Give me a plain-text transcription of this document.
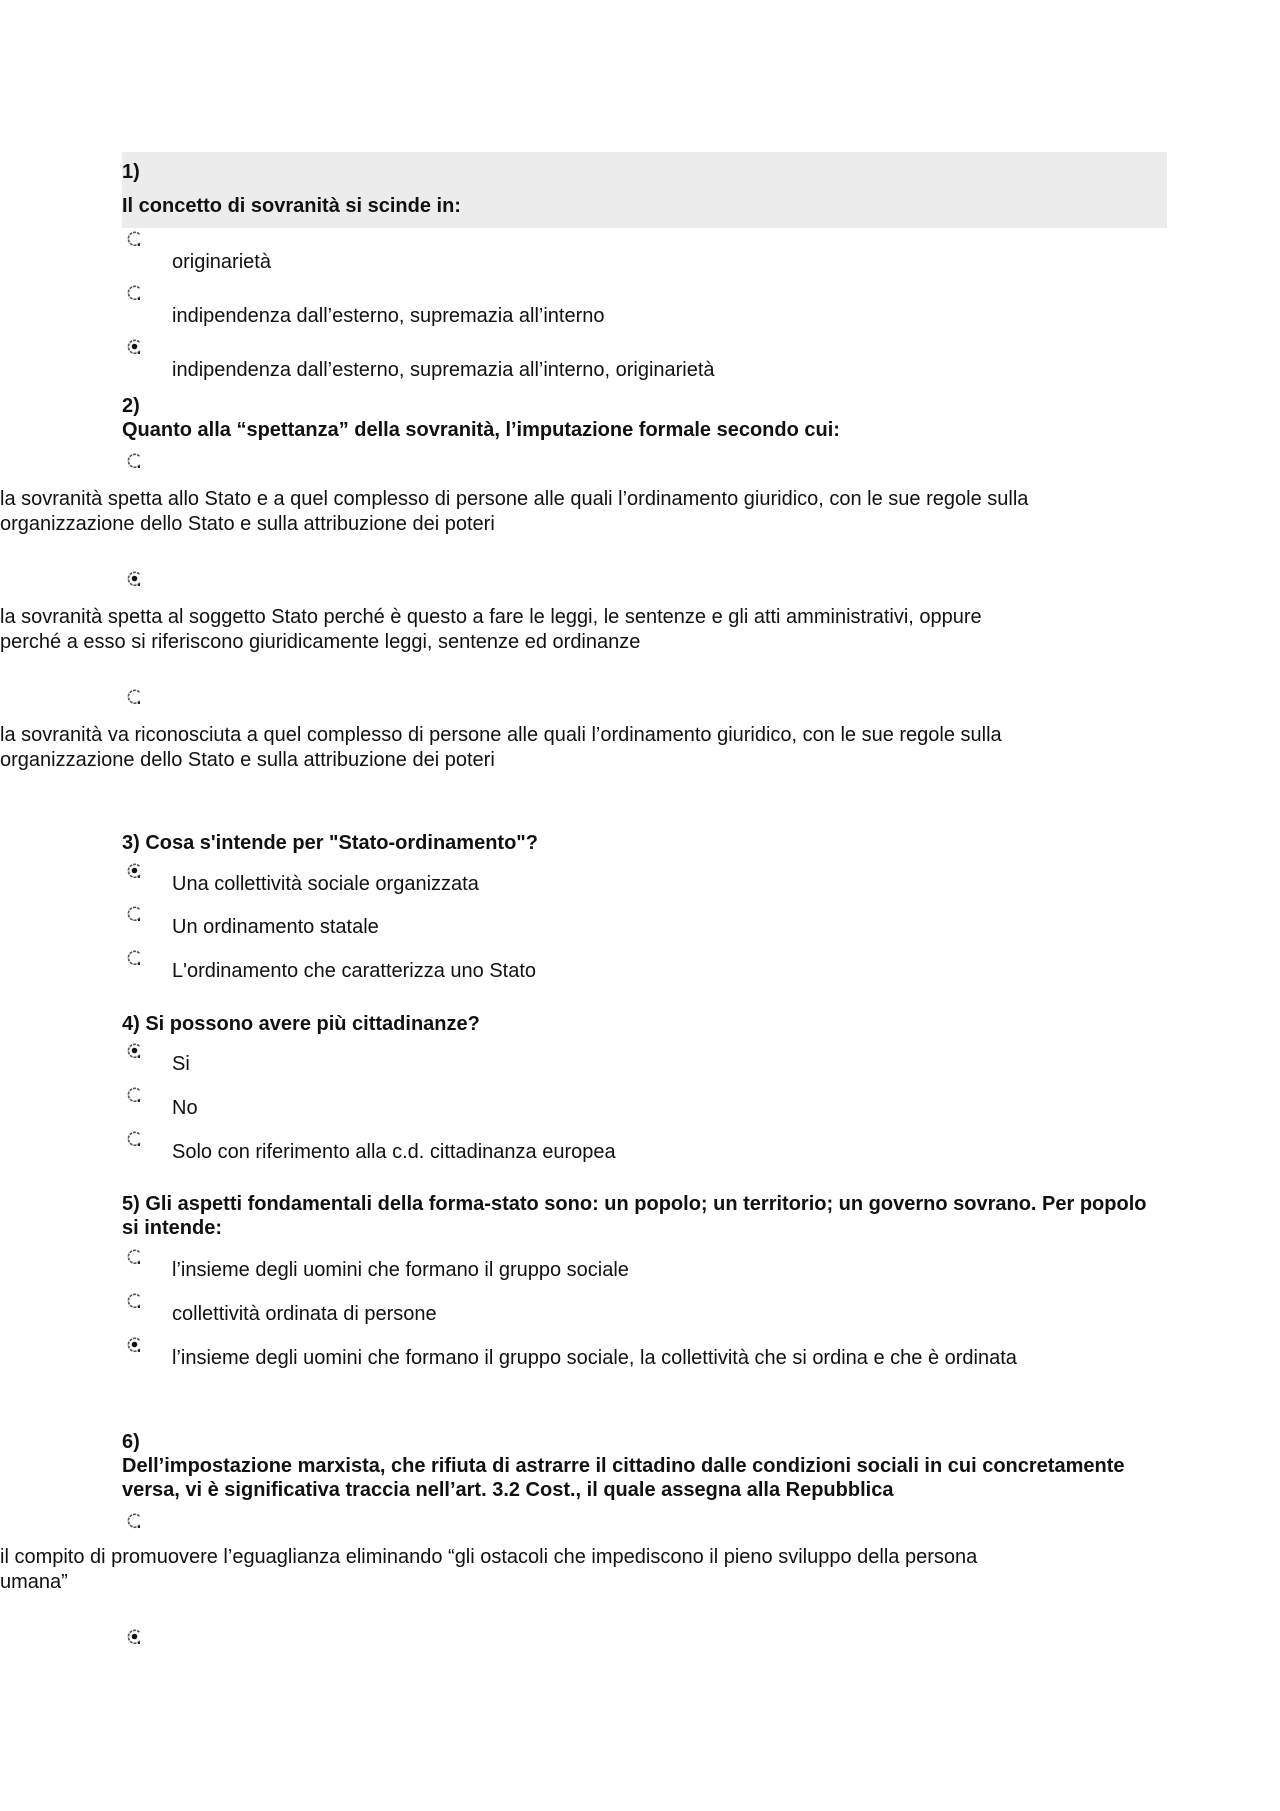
1)
Il concetto di sovranità si scinde in:
originarietà
indipendenza dall’esterno, supremazia all’interno
indipendenza dall’esterno, supremazia all’interno, originarietà
2)
Quanto alla “spettanza” della sovranità, l’imputazione formale secondo cui:
la sovranità spetta allo Stato e a quel complesso di persone alle quali l’ordinamento giuridico, con le sue regole sulla organizzazione dello Stato e sulla attribuzione dei poteri
la sovranità spetta al soggetto Stato perché è questo a fare le leggi, le sentenze e gli atti amministrativi, oppure perché a esso si riferiscono giuridicamente leggi, sentenze ed ordinanze
la sovranità va riconosciuta a quel complesso di persone alle quali l’ordinamento giuridico, con le sue regole sulla organizzazione dello Stato e sulla attribuzione dei poteri
3) Cosa s'intende per "Stato-ordinamento"?
Una collettività sociale organizzata
Un ordinamento statale
L'ordinamento che caratterizza uno Stato
4) Si possono avere più cittadinanze?
Si
No
Solo con riferimento alla c.d. cittadinanza europea
5) Gli aspetti fondamentali della forma-stato sono: un popolo; un territorio; un governo sovrano. Per popolo si intende:
l’insieme degli uomini che formano il gruppo sociale
collettività ordinata di persone
l’insieme degli uomini che formano il gruppo sociale, la collettività che si ordina e che è ordinata
6)
Dell’impostazione marxista, che rifiuta di astrarre il cittadino dalle condizioni sociali in cui concretamente versa, vi è significativa traccia nell’art. 3.2 Cost., il quale assegna alla Repubblica
il compito di promuovere l’eguaglianza eliminando “gli ostacoli che impediscono il pieno sviluppo della persona umana”
